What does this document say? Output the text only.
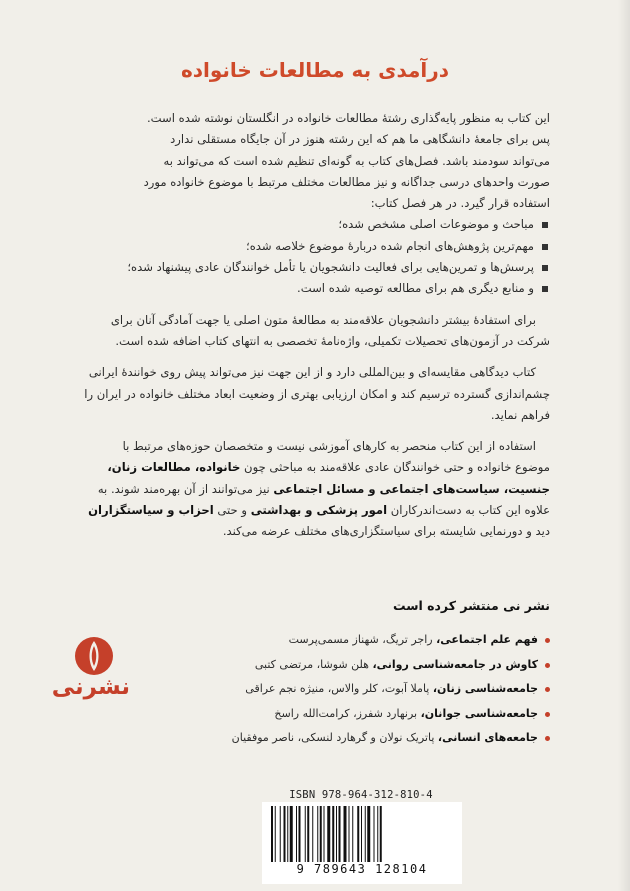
درآمدی به مطالعات خانواده

این کتاب به منظور پایه‌گذاری رشتهٔ مطالعات خانواده در انگلستان نوشته شده است.

پس برای جامعهٔ دانشگاهی ما هم که این رشته هنوز در آن جایگاه مستقلی ندارد

می‌تواند سودمند باشد. فصل‌های کتاب به گونه‌ای تنظیم شده است که می‌تواند به

صورت واحدهای درسی جداگانه و نیز مطالعات مختلف مرتبط با موضوع خانواده مورد

استفاده قرار گیرد. در هر فصل کتاب:

مباحث و موضوعات اصلی مشخص شده؛
مهم‌ترین پژوهش‌های انجام شده دربارهٔ موضوع خلاصه شده؛
پرسش‌ها و تمرین‌هایی برای فعالیت دانشجویان یا تأمل خوانندگان عادی پیشنهاد شده؛
و منابع دیگری هم برای مطالعه توصیه شده است.

برای استفادهٔ بیشتر دانشجویان علاقه‌مند به مطالعهٔ متون اصلی یا جهت آمادگی آنان برای شرکت در آزمون‌های تحصیلات تکمیلی، واژه‌نامهٔ تخصصی به انتهای کتاب اضافه شده است.

کتاب دیدگاهی مقایسه‌ای و بین‌المللی دارد و از این جهت نیز می‌تواند پیش روی خوانندهٔ ایرانی چشم‌اندازی گسترده ترسیم کند و امکان ارزیابی بهتری از وضعیت ابعاد مختلف خانواده در ایران را فراهم نماید.

استفاده از این کتاب منحصر به کارهای آموزشی نیست و متخصصان حوزه‌های مرتبط با موضوع خانواده و حتی خوانندگان عادی علاقه‌مند به مباحثی چون خانواده، مطالعات زنان، جنسیت، سیاست‌های اجتماعی و مسائل اجتماعی نیز می‌توانند از آن بهره‌مند شوند. به علاوه این کتاب به دست‌اندرکاران امور پزشکی و بهداشتی و حتی احزاب و سیاستگزاران دید و دورنمایی شایسته برای سیاستگزاری‌های مختلف عرضه می‌کند.

نشر نی منتشر کرده است
فهم علم اجتماعی، راجر تریگ، شهناز مسمی‌پرست
کاوش در جامعه‌شناسی روانی، هلن شوشا، مرتضی کتبی
جامعه‌شناسی زنان، پاملا آبوت، کلر والاس، منیژه نجم عراقی
جامعه‌شناسی جوانان، برنهارد شفرز، کرامت‌الله راسخ
جامعه‌های انسانی، پاتریک نولان و گرهارد لنسکی، ناصر موفقیان
نشرنی
ISBN 978-964-312-810-4
9 789643 128104
